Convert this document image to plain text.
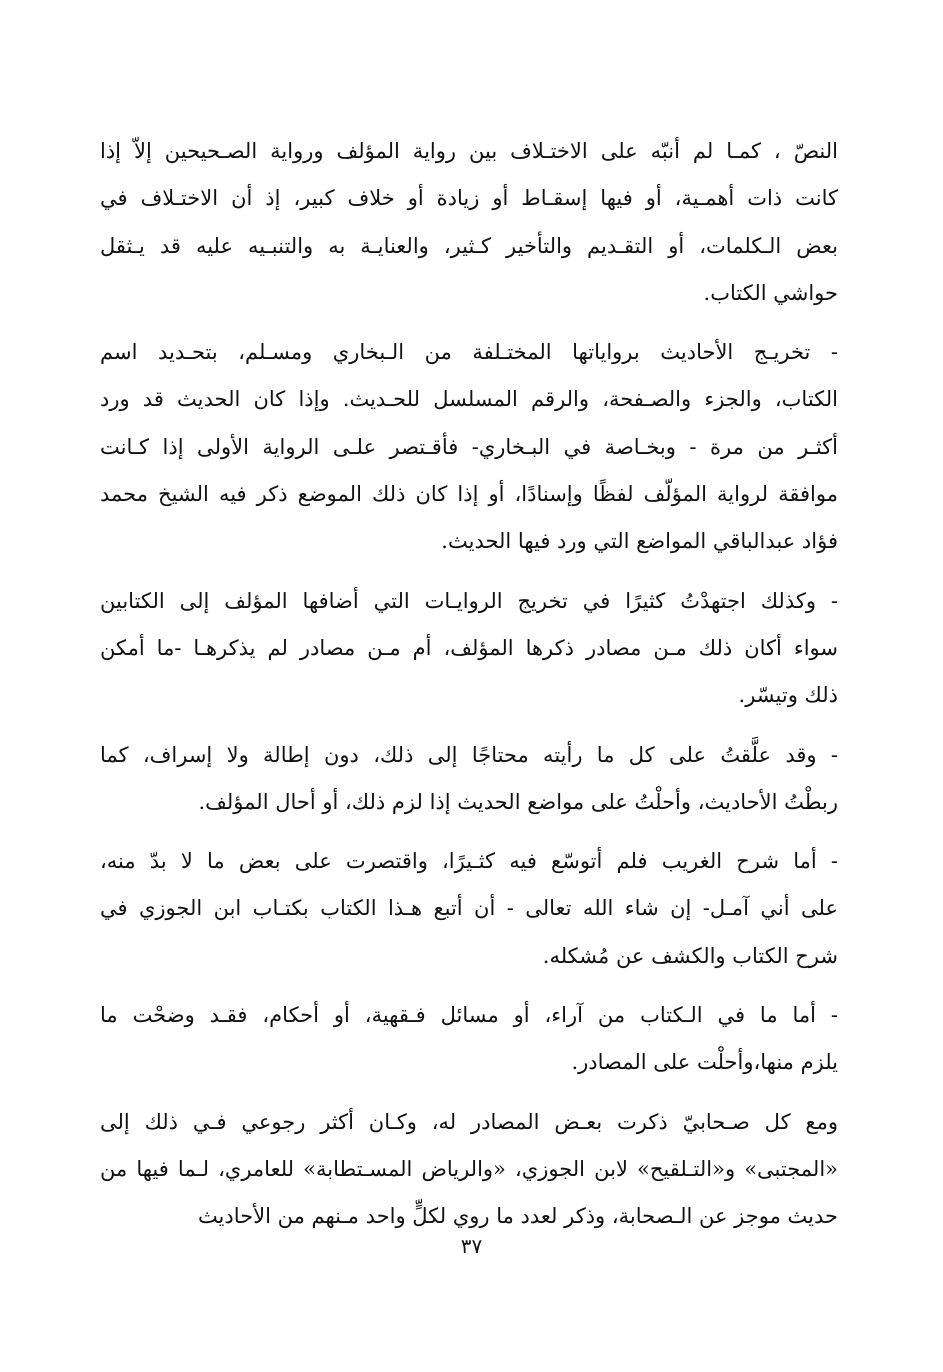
النصّ ، كمـا لم أنبّه على الاختـلاف بين رواية المؤلف ورواية الصـحيحين إلاّ إذا
كانت ذات أهمـية، أو فيها إسقـاط أو زيادة أو خلاف كبير، إذ أن الاختـلاف في
بعض الـكلمات، أو التقـديم والتأخير كـثير، والعنايـة به والتنبـيه عليه قد يـثقل
حواشي الكتاب.
- تخريـج الأحاديث برواياتها المختـلفة من الـبخاري ومسـلم، بتحـديد اسم
الكتاب، والجزء والصـفحة، والرقم المسلسل للحـديث. وإذا كان الحديث قد ورد
أكثـر من مرة - وبخـاصة في البـخاري- فأقـتصر علـى الرواية الأولى إذا كـانت
موافقة لرواية المؤلّف لفظًا وإسنادًا، أو إذا كان ذلك الموضع ذكر فيه الشيخ محمد
فؤاد عبدالباقي المواضع التي ورد فيها الحديث.
- وكذلك اجتهدْتُ كثيرًا في تخريج الروايـات التي أضافها المؤلف إلى الكتابين
سواء أكان ذلك مـن مصادر ذكرها المؤلف، أم مـن مصادر لم يذكرهـا -ما أمكن
ذلك وتيسّر.
- وقد علَّقتُ على كل ما رأيته محتاجًا إلى ذلك، دون إطالة ولا إسراف، كما
ربطْتُ الأحاديث، وأحلْتُ على مواضع الحديث إذا لزم ذلك، أو أحال المؤلف.
- أما شرح الغريب فلم أتوسّع فيه كثـيرًا، واقتصرت على بعض ما لا بدّ منه،
على أني آمـل- إن شاء الله تعالى - أن أتبع هـذا الكتاب بكتـاب ابن الجوزي في
شرح الكتاب والكشف عن مُشكله.
- أما ما في الـكتاب من آراء، أو مسائل فـقهية، أو أحكام، فقـد وضحْت ما
يلزم منها،وأحلْت على المصادر.
ومع كل صـحابيّ ذكرت بعـض المصادر له، وكـان أكثر رجوعي فـي ذلك إلى
«المجتبى» و«التـلقيح» لابن الجوزي، «والرياض المسـتطابة» للعامري، لـما فيها من
حديث موجز عن الـصحابة، وذكر لعدد ما روي لكلٍّ واحد مـنهم من الأحاديث
٣٧
